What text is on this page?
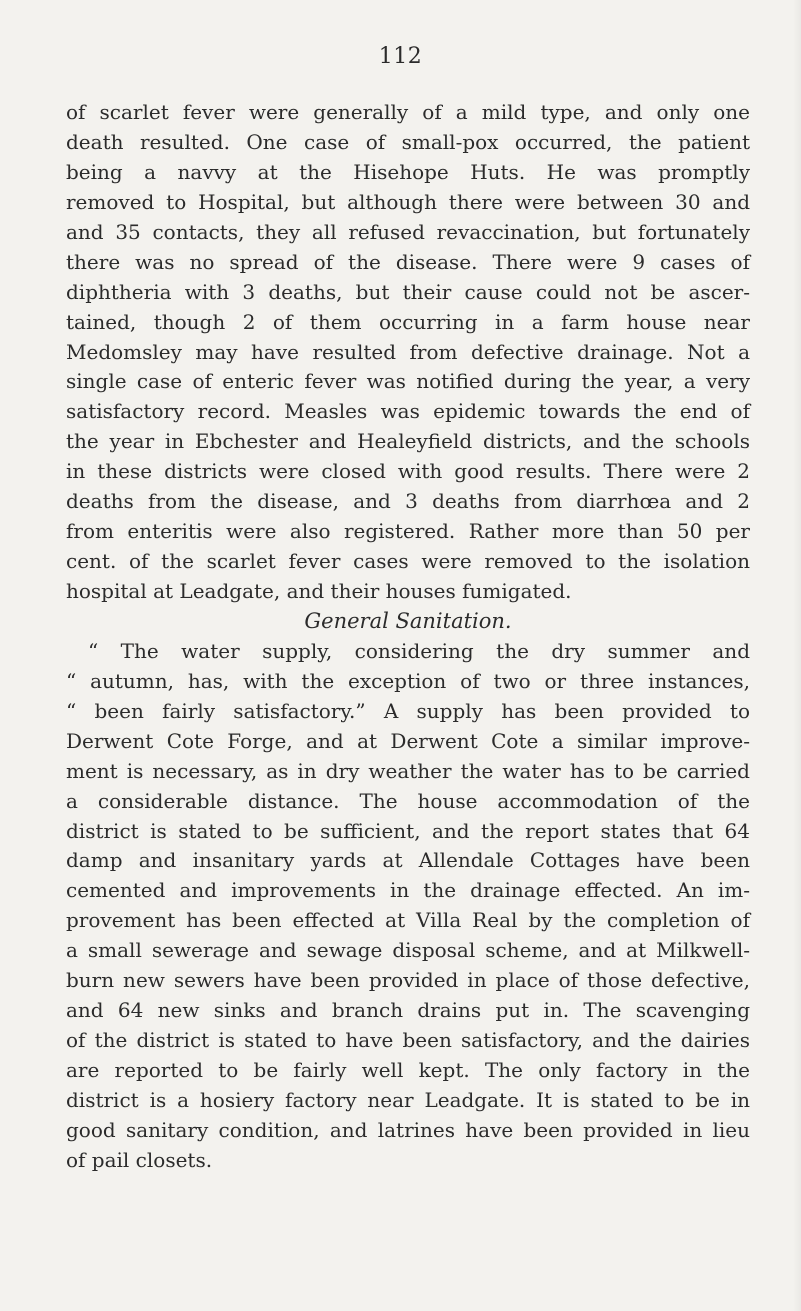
112
of scarlet fever were generally of a mild type, and only one
death resulted. One case of small-pox occurred, the patient
being a navvy at the Hisehope Huts. He was promptly
removed to Hospital, but although there were between 30 and
and 35 contacts, they all refused revaccination, but fortunately
there was no spread of the disease. There were 9 cases of
diphtheria with 3 deaths, but their cause could not be ascer-
tained, though 2 of them occurring in a farm house near
Medomsley may have resulted from defective drainage. Not a
single case of enteric fever was notified during the year, a very
satisfactory record. Measles was epidemic towards the end of
the year in Ebchester and Healeyfield districts, and the schools
in these districts were closed with good results. There were 2
deaths from the disease, and 3 deaths from diarrhœa and 2
from enteritis were also registered. Rather more than 50 per
cent. of the scarlet fever cases were removed to the isolation
hospital at Leadgate, and their houses fumigated.
General Sanitation.
“ The water supply, considering the dry summer and
“ autumn, has, with the exception of two or three instances,
“ been fairly satisfactory.” A supply has been provided to
Derwent Cote Forge, and at Derwent Cote a similar improve-
ment is necessary, as in dry weather the water has to be carried
a considerable distance. The house accommodation of the
district is stated to be sufficient, and the report states that 64
damp and insanitary yards at Allendale Cottages have been
cemented and improvements in the drainage effected. An im-
provement has been effected at Villa Real by the completion of
a small sewerage and sewage disposal scheme, and at Milkwell-
burn new sewers have been provided in place of those defective,
and 64 new sinks and branch drains put in. The scavenging
of the district is stated to have been satisfactory, and the dairies
are reported to be fairly well kept. The only factory in the
district is a hosiery factory near Leadgate. It is stated to be in
good sanitary condition, and latrines have been provided in lieu
of pail closets.
